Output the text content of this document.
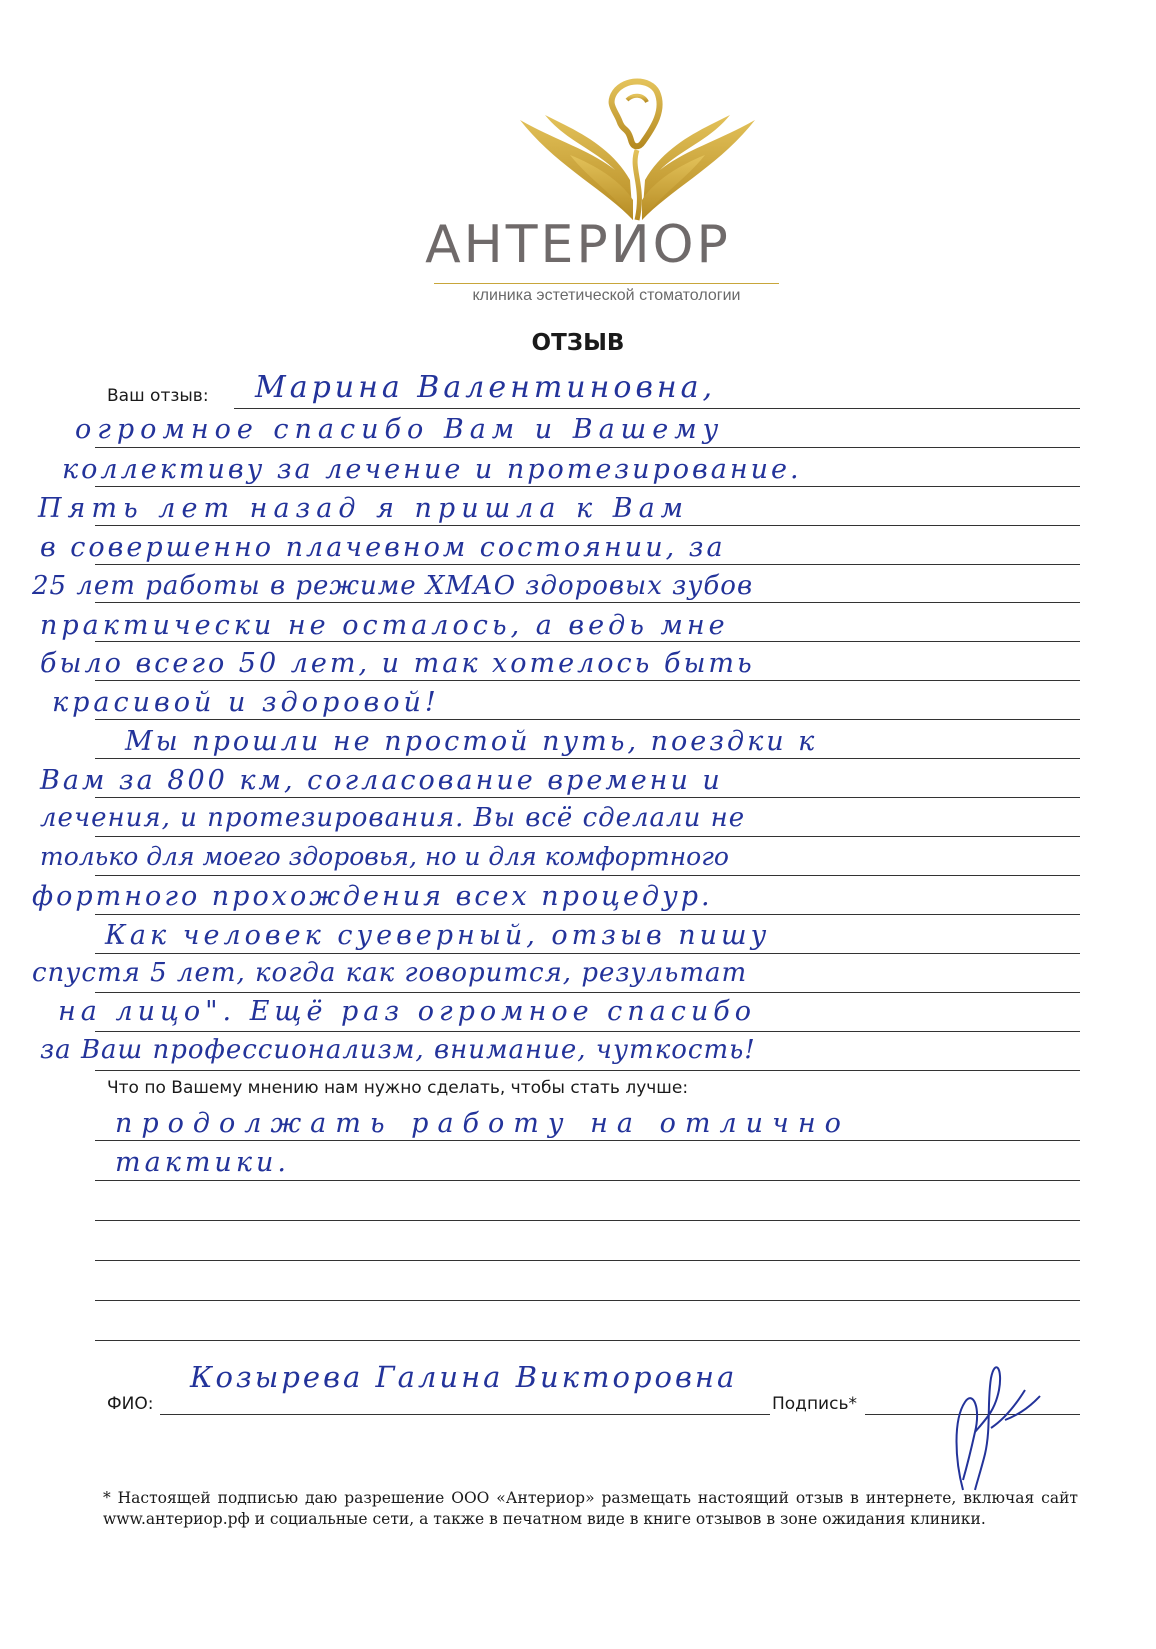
АНТЕРИОР
клиника эстетической стоматологии
ОТЗЫВ
Ваш отзыв: Марина Валентиновна,
огромное спасибо Вам и Вашему
коллективу за лечение и протезирование.
Пять лет назад я пришла к Вам
в совершенно плачевном состоянии, за
25 лет работы в режиме ХМАО здоровых зубов
практически не осталось, а ведь мне
было всего 50 лет, и так хотелось быть
красивой и здоровой!
Мы прошли не простой путь, поездки к
Вам за 800 км, согласование времени и
лечения, и протезирования. Вы всё сделали не
только для моего здоровья, но и для комфортного
фортного прохождения всех процедур.
Как человек суеверный, отзыв пишу
спустя 5 лет, когда как говорится, результат
на лицо". Ещё раз огромное спасибо
за Ваш профессионализм, внимание, чуткость!
Что по Вашему мнению нам нужно сделать, чтобы стать лучше:
продолжать работу на отлично
тактики.
ФИО:
Козырева Галина Викторовна
Подпись*
* Настоящей подписью даю разрешение ООО «Антериор» размещать настоящий отзыв в интернете, включая сайт www.антериор.рф и социальные сети, а также в печатном виде в книге отзывов в зоне ожидания клиники.
